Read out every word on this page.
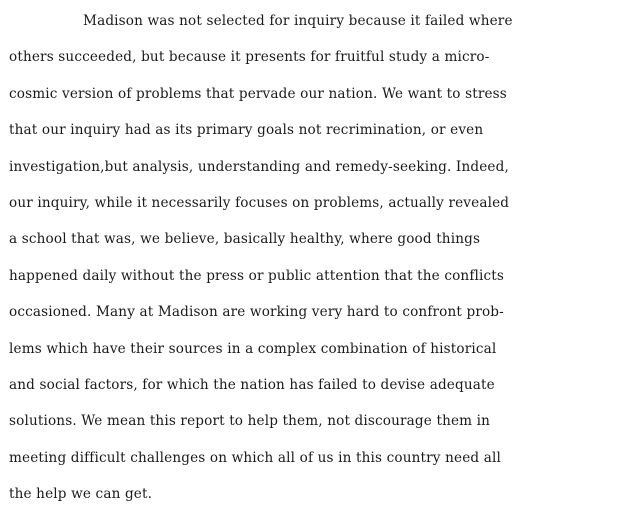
Madison was not selected for inquiry because it failed where
others succeeded, but because it presents for fruitful study a micro-
cosmic version of problems that pervade our nation. We want to stress
that our inquiry had as its primary goals not recrimination, or even
investigation,but analysis, understanding and remedy-seeking. Indeed,
our inquiry, while it necessarily focuses on problems, actually revealed
a school that was, we believe, basically healthy, where good things
happened daily without the press or public attention that the conflicts
occasioned. Many at Madison are working very hard to confront prob-
lems which have their sources in a complex combination of historical
and social factors, for which the nation has failed to devise adequate
solutions. We mean this report to help them, not discourage them in
meeting difficult challenges on which all of us in this country need all
the help we can get.
